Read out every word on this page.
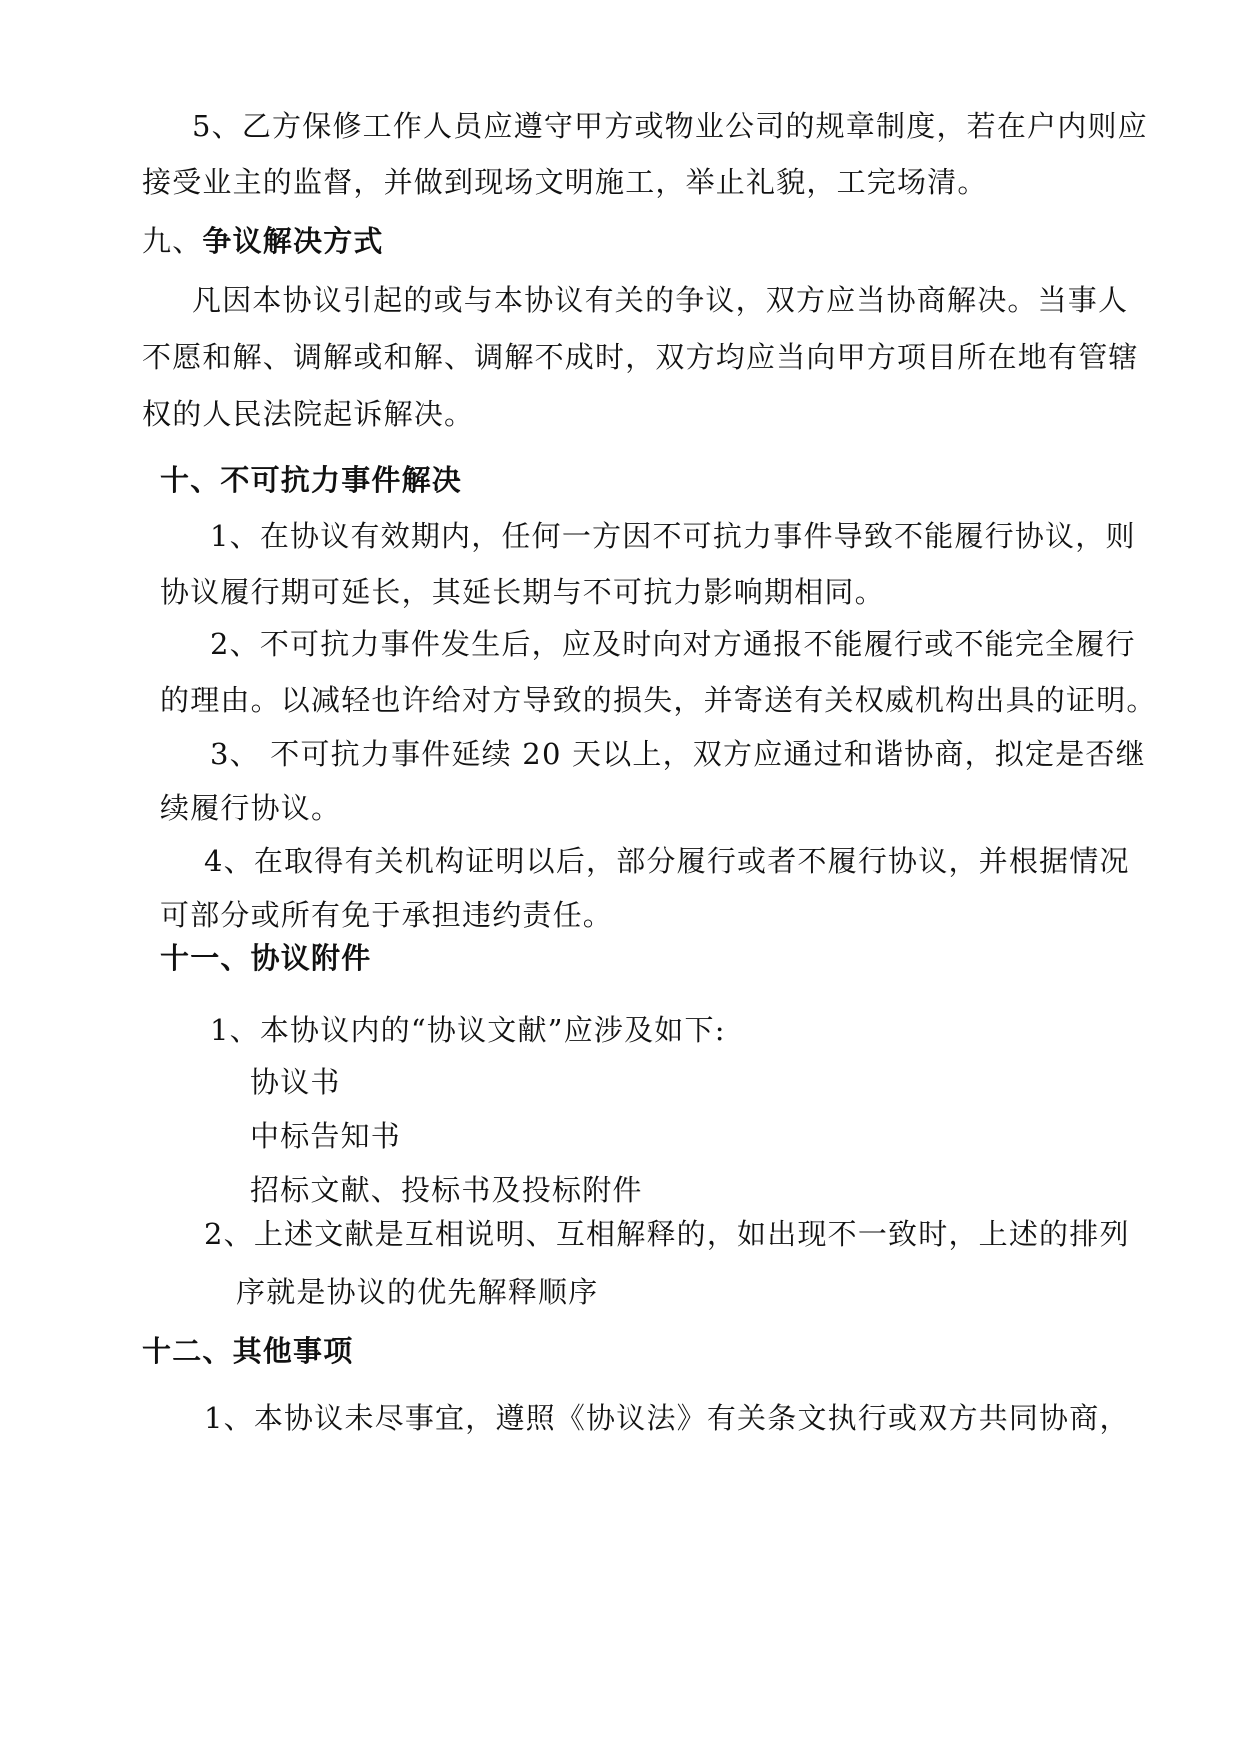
5、乙方保修工作人员应遵守甲方或物业公司的规章制度，若在户内则应
接受业主的监督，并做到现场文明施工，举止礼貌，工完场清。
九、争议解决方式
凡因本协议引起的或与本协议有关的争议，双方应当协商解决。当事人
不愿和解、调解或和解、调解不成时，双方均应当向甲方项目所在地有管辖
权的人民法院起诉解决。
十、不可抗力事件解决
1、在协议有效期内，任何一方因不可抗力事件导致不能履行协议，则
协议履行期可延长，其延长期与不可抗力影响期相同。
2、不可抗力事件发生后，应及时向对方通报不能履行或不能完全履行
的理由。以减轻也许给对方导致的损失，并寄送有关权威机构出具的证明。
3、 不可抗力事件延续 20 天以上，双方应通过和谐协商，拟定是否继
续履行协议。
4、在取得有关机构证明以后，部分履行或者不履行协议，并根据情况
可部分或所有免于承担违约责任。
十一、协议附件
1、本协议内的“协议文献”应涉及如下:
协议书
中标告知书
招标文献、投标书及投标附件
2、上述文献是互相说明、互相解释的，如出现不一致时，上述的排列
序就是协议的优先解释顺序
十二、其他事项
1、本协议未尽事宜，遵照《协议法》有关条文执行或双方共同协商，
